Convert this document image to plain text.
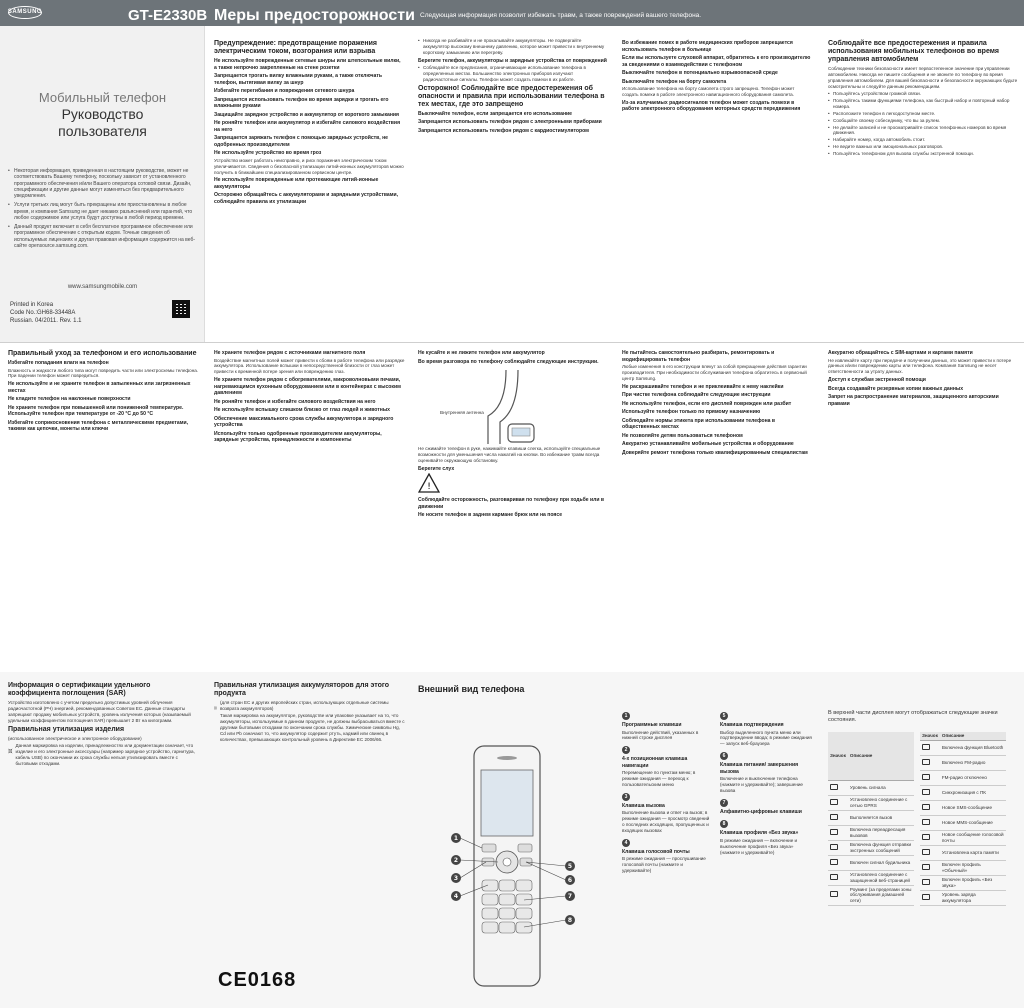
SAMSUNG	GT-E2330B Меры предосторожности Следующая информация позволит избежать травм, а также повреждений вашего телефона.
Мобильный телефон
Руководство
пользователя
• Некоторая информация, приведенная в настоящем руководстве, может не соответствовать Вашему телефону, поскольку зависит от установленного программного обеспечения и/или Вашего оператора сотовой связи. Дизайн, спецификации и другие данные могут изменяться без предварительного уведомления.
• Услуги третьих лиц могут быть прекращены или приостановлены в любое время, и компания Samsung не дает никаких разъяснений или гарантий, что любое содержимое или услуга будут доступны в любой период времени.
• Данный продукт включает в себя бесплатное программное обеспечение или программное обеспечение с открытым кодом. Точные сведения об используемых лицензиях и другая правовая информация содержится на веб-сайте opensource.samsung.com.
www.samsungmobile.com
Printed in Korea
Code No.:GH68-33448A
Russian. 04/2011. Rev. 1.1
Предупреждение: предотвращение поражения электрическим током, возгорания или взрыва
Не используйте поврежденные сетевые шнуры или штепсельные вилки, а также непрочно закрепленные на стене розетки
Запрещается трогать вилку влажными руками, а также отключать телефон, вытягивая вилку за шнур
Избегайте перегибания и повреждения сетевого шнура
Запрещается использовать телефон во время зарядки и трогать его влажными руками
Защищайте зарядное устройство и аккумулятор от короткого замыкания
Не роняйте телефон или аккумулятор и избегайте силового воздействия на него
Запрещается заряжать телефон с помощью зарядных устройств, не одобренных производителем
Не используйте устройство во время гроз

Устройство может работать неисправно, и риск поражения электрическим током увеличивается. Сведения о безопасной утилизации литий-ионных аккумуляторов можно получить в ближайшем специализированном сервисном центре.

Не используйте поврежденные или протекающие литий-ионные аккумуляторы
Осторожно обращайтесь с аккумуляторами и зарядными устройствами, соблюдайте правила их утилизации

• Никогда не разбивайте и не прокалывайте аккумуляторы. Не подвергайте аккумулятор высокому внешнему давлению, которое может привести к внутреннему короткому замыканию или перегреву.

Берегите телефон, аккумуляторы и зарядные устройства от повреждений

• Соблюдайте все предписания, ограничивающие использование телефона в определенных местах. Большинство электронных приборов излучают радиочастотные сигналы. Телефон может создать помехи в их работе.

Осторожно! Соблюдайте все предостережения об опасности и правила при использовании телефона в тех местах, где это запрещено
Выключайте телефон, если запрещается его использование
Запрещается использовать телефон рядом с электронными приборами
Запрещается использовать телефон рядом с кардиостимулятором
Во избежание помех в работе медицинских приборов запрещается использовать телефон в больнице
Если вы используете слуховой аппарат, обратитесь к его производителю за сведениями о взаимодействии с телефоном
Выключайте телефон в потенциально взрывоопасной среде
Выключайте телефон на борту самолета

Использование телефона на борту самолета строго запрещено. Телефон может создать помехи в работе электронного навигационного оборудования самолета.

Из-за излучаемых радиосигналов телефон может создать помехи в работе электронного оборудования моторных средств передвижения
Соблюдайте все предостережения и правила использования мобильных телефонов во время управления автомобилем

Соблюдение техники безопасности имеет первостепенное значение при управлении автомобилем. Никогда не пишите сообщения и не звоните по телефону во время управления автомобилем. Для вашей безопасности и безопасности окружающих будьте осмотрительны и следуйте данным рекомендациям.

• Пользуйтесь устройством громкой связи.

• Пользуйтесь такими функциями телефона, как быстрый набор и повторный набор номера.

• Расположите телефон в легкодоступном месте.

• Сообщайте своему собеседнику, что вы за рулем.

• Не делайте записей и не просматривайте список телефонных номеров во время движения.

• Набирайте номер, когда автомобиль стоит.

• Не ведите важных или эмоциональных разговоров.

• Пользуйтесь телефоном для вызова службы экстренной помощи.

Правильный уход за телефоном и его использование
Избегайте попадания влаги на телефон

Влажность и жидкости любого типа могут повредить части или электросхемы телефона. При падении телефон может повредиться.

Не используйте и не храните телефон в запыленных или загрязненных местах
Не кладите телефон на наклонные поверхности
Не храните телефон при повышенной или пониженной температуре. Используйте телефон при температуре от -20 °С до 50 °С
Избегайте соприкосновения телефона с металлическими предметами, такими как цепочки, монеты или ключи
Не храните телефон рядом с источниками магнитного поля

Воздействие магнитных полей может привести к сбоям в работе телефона или разрядке аккумулятора. Использование вспышки в непосредственной близости от глаз может привести к временной потере зрения или повреждению глаз.

Не храните телефон рядом с обогревателями, микроволновыми печами, нагревающимся кухонным оборудованием или в контейнерах с высоким давлением
Не роняйте телефон и избегайте силового воздействия на него
Не используйте вспышку слишком близко от глаз людей и животных
Обеспечение максимального срока службы аккумулятора и зарядного устройства
Используйте только одобренные производителем аккумуляторы, зарядные устройства, принадлежности и компоненты
Не кусайте и не лижите телефон или аккумулятор
Во время разговора по телефону соблюдайте следующие инструкции.
Внутренняя антенна

Не сжимайте телефон в руке, нажимайте клавиши слегка, используйте специальные возможности для уменьшения числа нажатий на кнопки. Во избежание травм всегда оценивайте окружающую обстановку.

Берегите слух
!
Соблюдайте осторожность, разговаривая по телефону при ходьбе или в движении
Не носите телефон в заднем кармане брюк или на поясе
Не пытайтесь самостоятельно разбирать, ремонтировать и модифицировать телефон

Любые изменения в его конструкции влекут за собой прекращение действия гарантии производителя. При необходимости обслуживания телефона обратитесь в сервисный центр Samsung.

Не раскрашивайте телефон и не приклеивайте к нему наклейки
При чистке телефона соблюдайте следующие инструкции
Не используйте телефон, если его дисплей поврежден или разбит
Используйте телефон только по прямому назначению
Соблюдайте нормы этикета при использовании телефона в общественных местах
Не позволяйте детям пользоваться телефоном
Аккуратно устанавливайте мобильные устройства и оборудование
Доверяйте ремонт телефона только квалифицированным специалистам
Аккуратно обращайтесь с SIM-картами и картами памяти

Не извлекайте карту при передаче и получении данных, это может привести к потере данных и/или повреждению карты или телефона. Компания Samsung не несет ответственности за утрату данных.

Доступ к службам экстренной помощи
Всегда создавайте резервные копии важных данных
Запрет на распространение материалов, защищенного авторскими правами
Информация о сертификации удельного коэффициента поглощения (SAR)

Устройство изготовлено с учетом предельно допустимых уровней облучения радиочастотной (РЧ) энергией, рекомендованных Советом ЕС. Данные стандарты запрещают продажу мобильных устройств, уровень излучения которых (называемый удельным коэффициентом поглощения SAR) превышает 2 Вт на килограмм.

Правильная утилизация изделия

(использованное электрическое и электронное оборудование)

Данная маркировка на изделии, принадлежностях или документации означает, что изделие и его электронные аксессуары (например зарядное устройство, гарнитура, кабель USB) по окончании их срока службы нельзя утилизировать вместе с бытовыми отходами.

Правильная утилизация аккумуляторов для этого продукта

(для стран ЕС и других европейских стран, использующих отдельные системы возврата аккумуляторов)

Такая маркировка на аккумуляторе, руководстве или упаковке указывает на то, что аккумуляторы, используемые в данном продукте, не должны выбрасываться вместе с другими бытовыми отходами по окончании срока службы. Химические символы Hg, Cd или Pb означают то, что аккумулятор содержит ртуть, кадмий или свинец в количествах, превышающих контрольный уровень в Директиве ЕС 2006/66.

CE0168
Внешний вид телефона
1
2
3
4
5
6
7
8
1
Программные клавиши

Выполнение действий, указанных в нижней строке дисплея

2
4-х позиционная клавиша навигации

Перемещение по пунктам меню; в режиме ожидания — переход к пользовательским меню

3
Клавиша вызова

Выполнение вызова и ответ на вызов; в режиме ожидания — просмотр сведений о последних исходящих, пропущенных и входящих вызовах

4
Клавиша голосовой почты

В режиме ожидания — прослушивание голосовой почты (нажмите и удерживайте)

5
Клавиша подтверждения

Выбор выделенного пункта меню или подтверждение ввода; в режиме ожидания — запуск веб-браузера

6
Клавиша питания/ завершения вызова

Включение и выключение телефона (нажмите и удерживайте); завершение вызова

7
Алфавитно-цифровые клавиши
8
Клавиша профиля «Без звука»

В режиме ожидания — включение и выключение профиля «Без звука» (нажмите и удерживайте)

В верхней части дисплея могут отображаться следующие значки состояния.

Значок	Описание
	Уровень сигнала
	Установлено соединение с сетью GPRS
	Выполняется вызов
	Включена переадресация вызовов
	Включена функция отправки экстренных сообщений
	Включен сигнал будильника
	Установлено соединение с защищенной веб-страницей
	Роуминг (за пределами зоны обслуживания домашней сети)
Значок	Описание
	Включена функция Bluetooth
	Включено FM-радио
	FM-радио отключено
	Синхронизация с ПК
	Новое SMS-сообщение
	Новое MMS-сообщение
	Новое сообщение голосовой почты
	Установлена карта памяти
	Включен профиль «Обычный»
	Включен профиль «Без звука»
	Уровень заряда аккумулятора
